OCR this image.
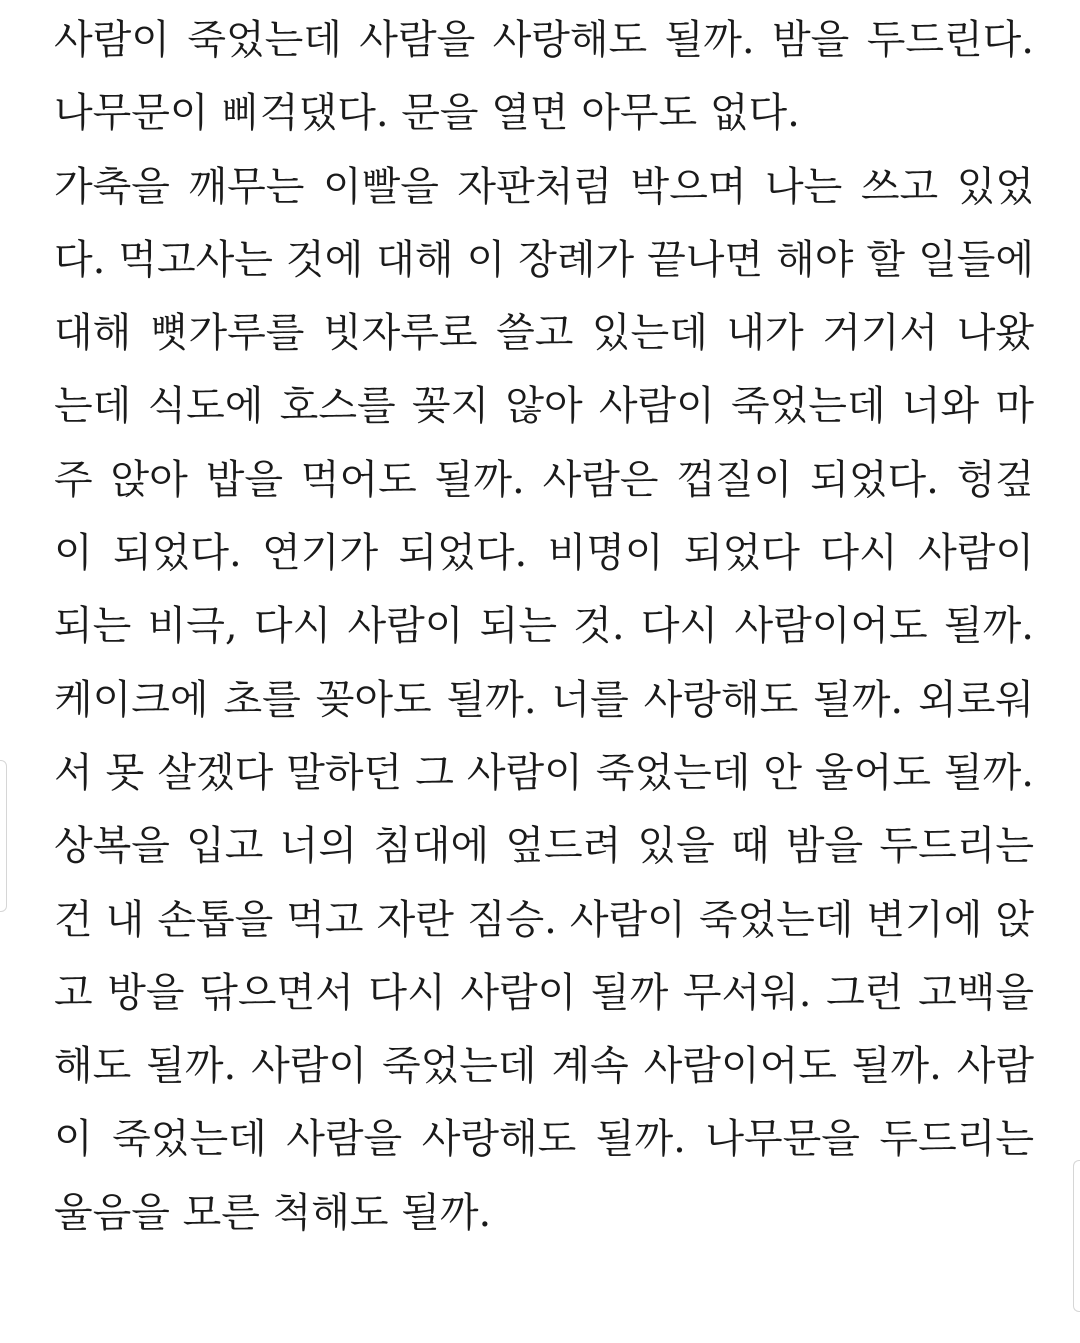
사람이 죽었는데 사람을 사랑해도 될까. 밤을 두드린다.
나무문이 삐걱댔다. 문을 열면 아무도 없다.
가축을 깨무는 이빨을 자판처럼 박으며 나는 쓰고 있었
다. 먹고사는 것에 대해 이 장례가 끝나면 해야 할 일들에
대해 뼛가루를 빗자루로 쓸고 있는데 내가 거기서 나왔
는데 식도에 호스를 꽂지 않아 사람이 죽었는데 너와 마
주 앉아 밥을 먹어도 될까. 사람은 껍질이 되었다. 헝겊
이 되었다. 연기가 되었다. 비명이 되었다 다시 사람이
되는 비극, 다시 사람이 되는 것. 다시 사람이어도 될까.
케이크에 초를 꽂아도 될까. 너를 사랑해도 될까. 외로워
서 못 살겠다 말하던 그 사람이 죽었는데 안 울어도 될까.
상복을 입고 너의 침대에 엎드려 있을 때 밤을 두드리는
건 내 손톱을 먹고 자란 짐승. 사람이 죽었는데 변기에 앉
고 방을 닦으면서 다시 사람이 될까 무서워. 그런 고백을
해도 될까. 사람이 죽었는데 계속 사람이어도 될까. 사람
이 죽었는데 사람을 사랑해도 될까. 나무문을 두드리는
울음을 모른 척해도 될까.
